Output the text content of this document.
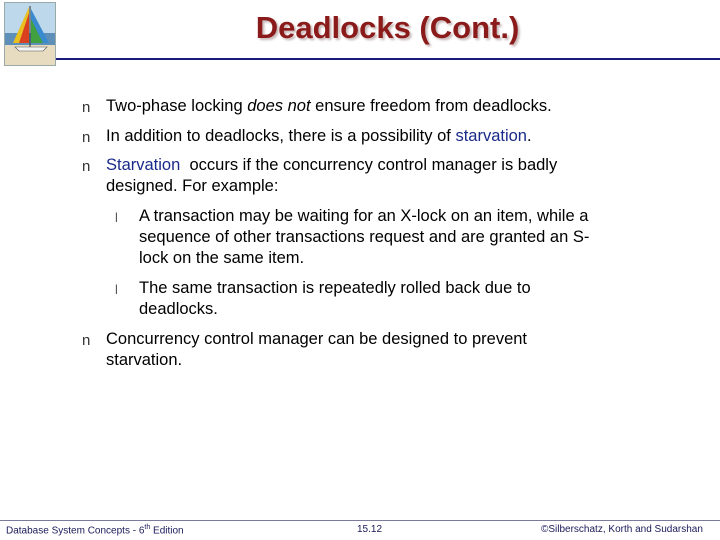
Deadlocks (Cont.)
n Two-phase locking does not ensure freedom from deadlocks.
n In addition to deadlocks, there is a possibility of starvation.
n Starvation  occurs if the concurrency control manager is badly designed. For example:
l A transaction may be waiting for an X-lock on an item, while a sequence of other transactions request and are granted an S-lock on the same item.
l The same transaction is repeatedly rolled back due to deadlocks.
n Concurrency control manager can be designed to prevent starvation.
Database System Concepts - 6th Edition	15.12	©Silberschatz, Korth and Sudarshan
